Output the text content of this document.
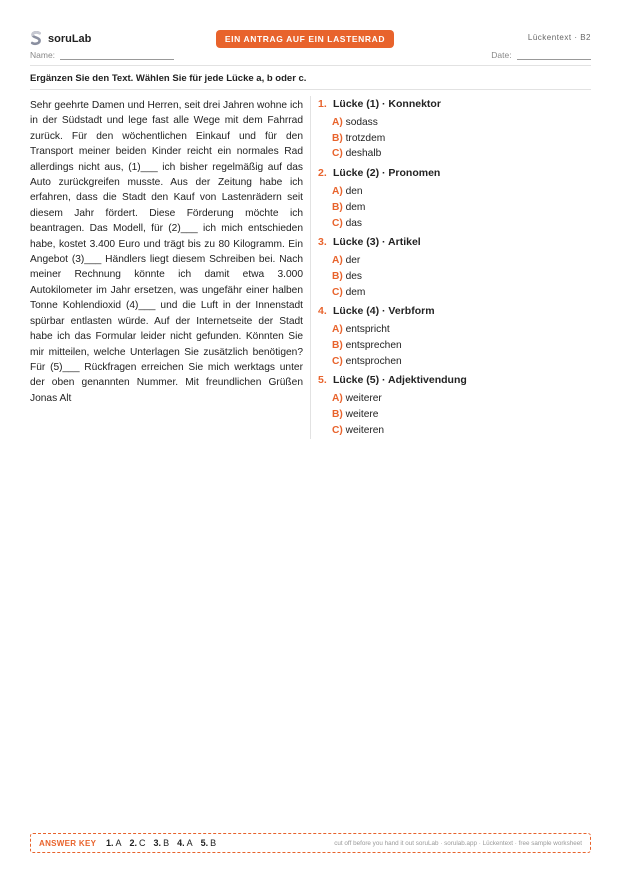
soruLab	EIN ANTRAG AUF EIN LASTENRAD	Lückentext · B2
Name:	Date:
Ergänzen Sie den Text. Wählen Sie für jede Lücke a, b oder c.
Sehr geehrte Damen und Herren, seit drei Jahren wohne ich in der Südstadt und lege fast alle Wege mit dem Fahrrad zurück. Für den wöchentlichen Einkauf und für den Transport meiner beiden Kinder reicht ein normales Rad allerdings nicht aus, (1)___ ich bisher regelmäßig auf das Auto zurückgreifen musste. Aus der Zeitung habe ich erfahren, dass die Stadt den Kauf von Lastenrädern seit diesem Jahr fördert. Diese Förderung möchte ich beantragen. Das Modell, für (2)___ ich mich entschieden habe, kostet 3.400 Euro und trägt bis zu 80 Kilogramm. Ein Angebot (3)___ Händlers liegt diesem Schreiben bei. Nach meiner Rechnung könnte ich damit etwa 3.000 Autokilometer im Jahr ersetzen, was ungefähr einer halben Tonne Kohlendioxid (4)___ und die Luft in der Innenstadt spürbar entlasten würde. Auf der Internetseite der Stadt habe ich das Formular leider nicht gefunden. Könnten Sie mir mitteilen, welche Unterlagen Sie zusätzlich benötigen? Für (5)___ Rückfragen erreichen Sie mich werktags unter der oben genannten Nummer. Mit freundlichen Grüßen Jonas Alt
1. Lücke (1) · Konnektor
A) sodass
B) trotzdem
C) deshalb
2. Lücke (2) · Pronomen
A) den
B) dem
C) das
3. Lücke (3) · Artikel
A) der
B) des
C) dem
4. Lücke (4) · Verbform
A) entspricht
B) entsprechen
C) entsprochen
5. Lücke (5) · Adjektivendung
A) weiterer
B) weitere
C) weiteren
ANSWER KEY 1. A 2. C 3. B 4. A 5. B	cut off before you hand it out soruLab · sorulab.app · Lückentext · free sample worksheet
